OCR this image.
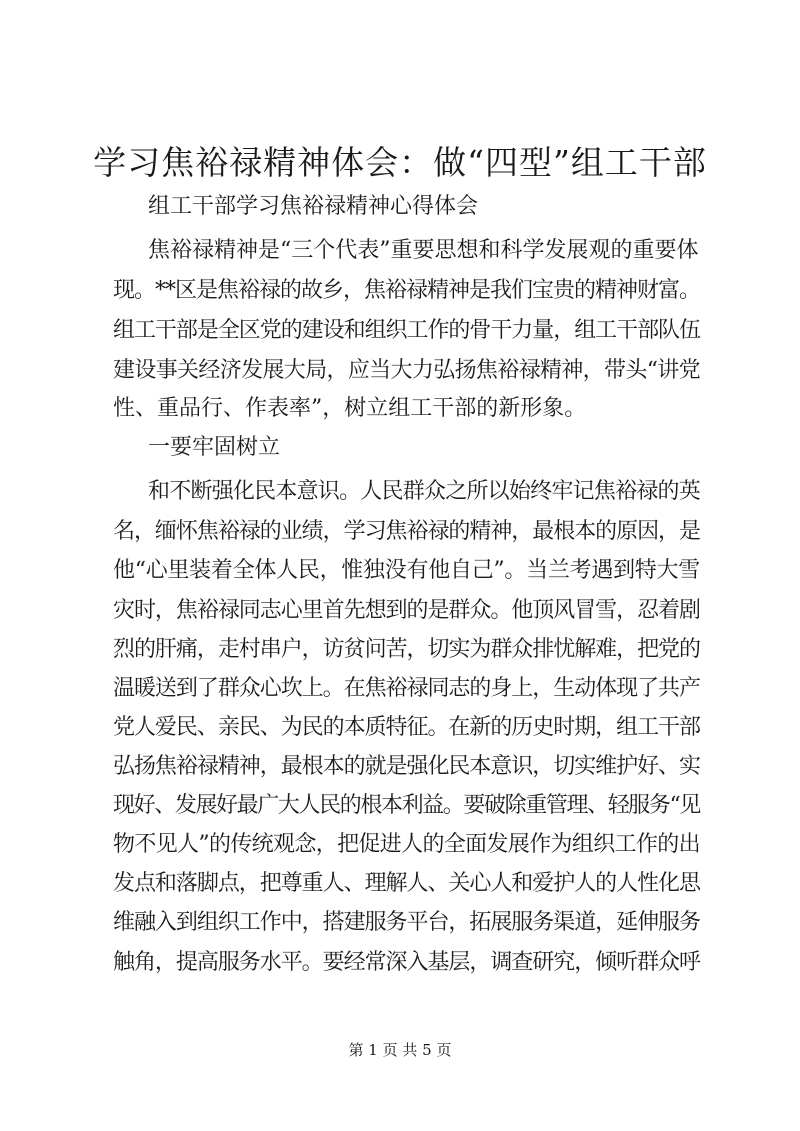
学习焦裕禄精神体会：做“四型”组工干部

组工干部学习焦裕禄精神心得体会

焦裕禄精神是“三个代表”重要思想和科学发展观的重要体

现。**区是焦裕禄的故乡，焦裕禄精神是我们宝贵的精神财富。

组工干部是全区党的建设和组织工作的骨干力量，组工干部队伍

建设事关经济发展大局，应当大力弘扬焦裕禄精神，带头“讲党

性、重品行、作表率”，树立组工干部的新形象。

一要牢固树立

和不断强化民本意识。人民群众之所以始终牢记焦裕禄的英

名，缅怀焦裕禄的业绩，学习焦裕禄的精神，最根本的原因，是

他“心里装着全体人民，惟独没有他自己”。当兰考遇到特大雪

灾时，焦裕禄同志心里首先想到的是群众。他顶风冒雪，忍着剧

烈的肝痛，走村串户，访贫问苦，切实为群众排忧解难，把党的

温暖送到了群众心坎上。在焦裕禄同志的身上，生动体现了共产

党人爱民、亲民、为民的本质特征。在新的历史时期，组工干部

弘扬焦裕禄精神，最根本的就是强化民本意识，切实维护好、实

现好、发展好最广大人民的根本利益。要破除重管理、轻服务“见

物不见人”的传统观念，把促进人的全面发展作为组织工作的出

发点和落脚点，把尊重人、理解人、关心人和爱护人的人性化思

维融入到组织工作中，搭建服务平台，拓展服务渠道，延伸服务

触角，提高服务水平。要经常深入基层，调查研究，倾听群众呼

第 1 页 共 5 页
